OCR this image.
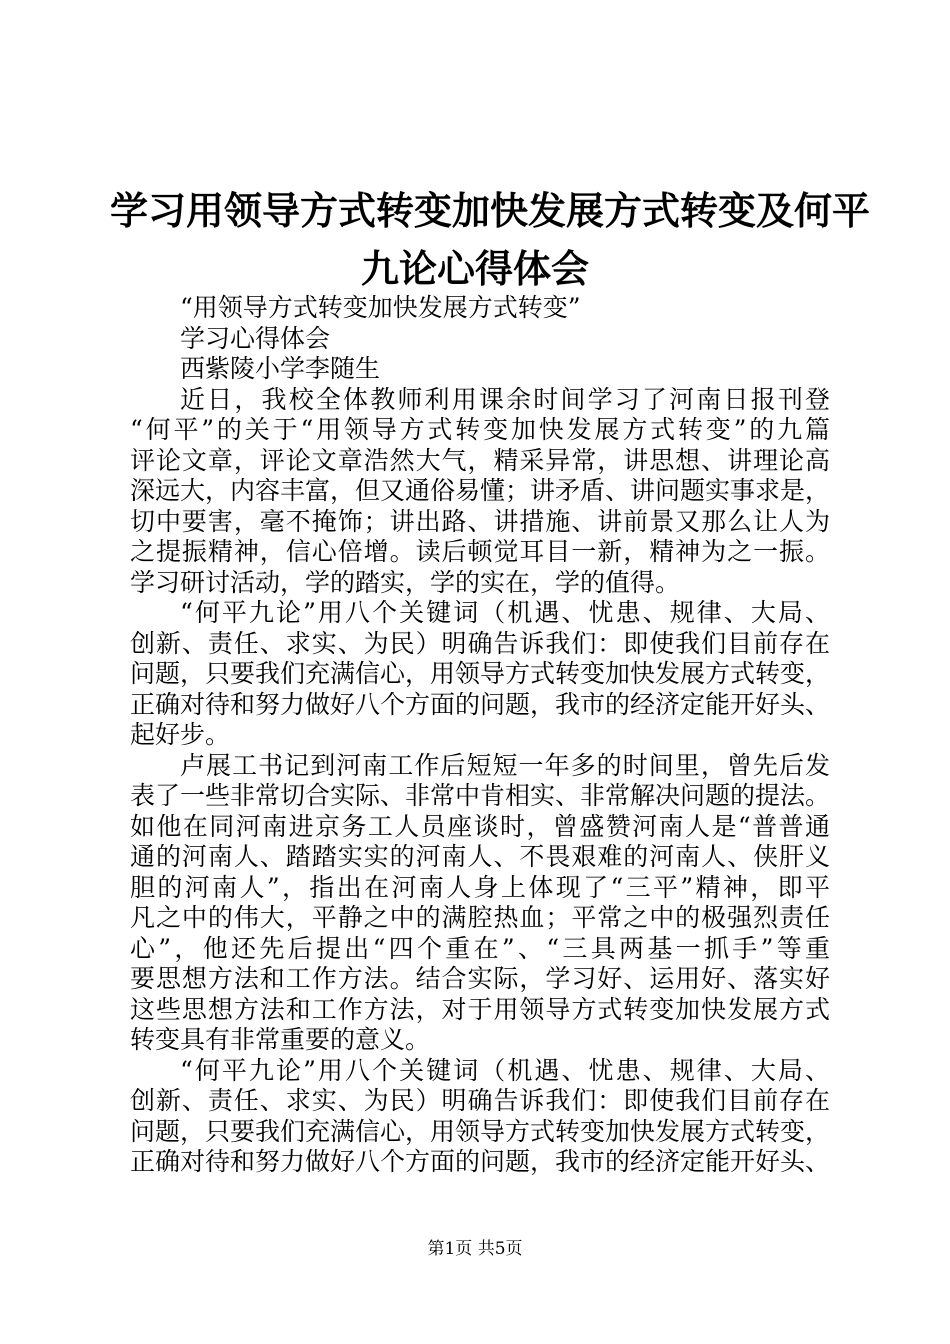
学习用领导方式转变加快发展方式转变及何平
九论心得体会
“用领导方式转变加快发展方式转变”
学习心得体会
西紫陵小学李随生
近日，我校全体教师利用课余时间学习了河南日报刊登
“何平”的关于“用领导方式转变加快发展方式转变”的九篇
评论文章，评论文章浩然大气，精采异常，讲思想、讲理论高
深远大，内容丰富，但又通俗易懂；讲矛盾、讲问题实事求是，
切中要害，毫不掩饰；讲出路、讲措施、讲前景又那么让人为
之提振精神，信心倍增。读后顿觉耳目一新，精神为之一振。
学习研讨活动，学的踏实，学的实在，学的值得。
“何平九论”用八个关键词（机遇、忧患、规律、大局、
创新、责任、求实、为民）明确告诉我们：即使我们目前存在
问题，只要我们充满信心，用领导方式转变加快发展方式转变，
正确对待和努力做好八个方面的问题，我市的经济定能开好头、
起好步。
卢展工书记到河南工作后短短一年多的时间里，曾先后发
表了一些非常切合实际、非常中肯相实、非常解决问题的提法。
如他在同河南进京务工人员座谈时，曾盛赞河南人是“普普通
通的河南人、踏踏实实的河南人、不畏艰难的河南人、侠肝义
胆的河南人”，指出在河南人身上体现了“三平”精神，即平
凡之中的伟大，平静之中的满腔热血；平常之中的极强烈责任
心”，他还先后提出“四个重在”、“三具两基一抓手”等重
要思想方法和工作方法。结合实际，学习好、运用好、落实好
这些思想方法和工作方法，对于用领导方式转变加快发展方式
转变具有非常重要的意义。
“何平九论”用八个关键词（机遇、忧患、规律、大局、
创新、责任、求实、为民）明确告诉我们：即使我们目前存在
问题，只要我们充满信心，用领导方式转变加快发展方式转变，
正确对待和努力做好八个方面的问题，我市的经济定能开好头、
第1页 共5页
